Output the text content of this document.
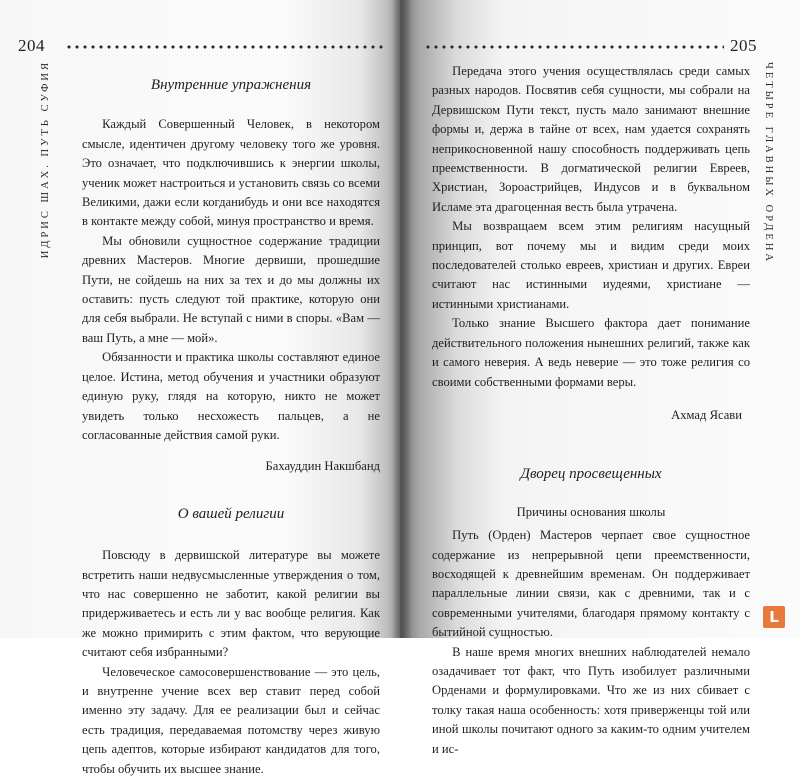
204
ИДРИС ШАХ. ПУТЬ СУФИЯ	Внутренние упражнения

Каждый Совершенный Человек, в некотором смысле, идентичен другому человеку того же уровня. Это означает, что подключившись к энергии школы, ученик может настроиться и установить связь со всеми Великими, дажи если когданибудь и они все находятся в контакте между собой, минуя пространство и время.

Мы обновили сущностное содержание традиции древних Мастеров. Многие дервиши, прошедшие Пути, не сойдешь на них за тех и до мы должны их оставить: пусть следуют той практике, которую они для себя выбрали. Не вступай с ними в споры. «Вам — ваш Путь, а мне — мой».

Обязанности и практика школы составляют единое целое. Истина, метод обучения и участники образуют единую руку, глядя на которую, никто не может увидеть только несхожесть пальцев, а не согласованные действия самой руки.

Бахауддин Накшбанд
О вашей религии

Повсюду в дервишской литературе вы можете встретить наши недвусмысленные утверждения о том, что нас совершенно не заботит, какой религии вы придерживаетесь и есть ли у вас вообще религия. Как же можно примирить с этим фактом, что верующие считают себя избранными?

Человеческое самосовершенствование — это цель, и внутренне учение всех вер ставит перед собой именно эту задачу. Для ее реализации был и сейчас есть традиция, передаваемая потомству через живую цепь адептов, которые избирают кандидатов для того, чтобы обучить их высшее знание.

205
ЧЕТЫРЕ ГЛАВНЫХ ОРДЕНА

Передача этого учения осуществлялась среди самых разных народов. Посвятив себя сущности, мы собрали на Дервишском Пути текст, пусть мало занимают внешние формы и, держа в тайне от всех, нам удается сохранять неприкосновенной нашу способность поддерживать цепь преемственности. В догматической религии Евреев, Христиан, Зороастрийцев, Индусов и в буквальном Исламе эта драгоценная весть была утрачена.

Мы возвращаем всем этим религиям насущный принцип, вот почему мы и видим среди моих последователей столько евреев, христиан и других. Евреи считают нас истинными иудеями, христиане — истинными христианами.

Только знание Высшего фактора дает понимание действительного положения нынешних религий, также как и самого неверия. А ведь неверие — это тоже религия со своими собственными формами веры.

Ахмад Ясави
Дворец просвещенных
Причины основания школы

Путь (Орден) Мастеров черпает свое сущностное содержание из непрерывной цепи преемственности, восходящей к древнейшим временам. Он поддерживает параллельные линии связи, как с древними, так и с современными учителями, благодаря прямому контакту с бытийной сущностью.

В наше время многих внешних наблюдателей немало озадачивает тот факт, что Путь изобилует различными Орденами и формулировками. Что же из них сбивает с толку такая наша особенность: хотя приверженцы той или иной школы почитают одного за каким-то одним учителем и ис-

L
